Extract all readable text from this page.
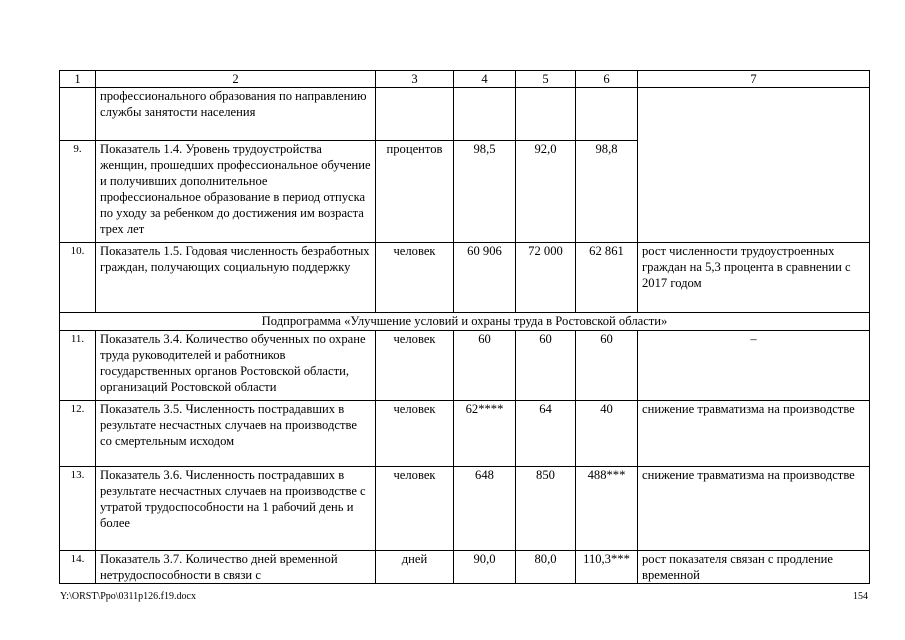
1	2	3	4	5	6	7
	профессионального образования по направлению службы занятости населения					
9.	Показатель 1.4. Уровень трудоустройства женщин, прошедших профессиональное обучение и получивших дополнительное профессиональное образование в период отпуска по уходу за ребенком до достижения им возраста трех лет	процентов	98,5	92,0	98,8	
10.	Показатель 1.5. Годовая численность безработных граждан, получающих социальную поддержку	человек	60 906	72 000	62 861	рост численности трудоустроенных граждан на 5,3 процента в сравнении с 2017 годом
Подпрограмма «Улучшение условий и охраны труда в Ростовской области»						
11.	Показатель 3.4. Количество обученных по охране труда руководителей и работников государственных органов Ростовской области, организаций Ростовской области	человек	60	60	60	–
12.	Показатель 3.5. Численность пострадавших в результате несчастных случаев на производстве со смертельным исходом	человек	62****	64	40	снижение травматизма на производстве
13.	Показатель 3.6. Численность пострадавших в результате несчастных случаев на производстве с утратой трудоспособности на 1 рабочий день и более	человек	648	850	488***	снижение травматизма на производстве
14.	Показатель 3.7. Количество дней временной нетрудоспособности в связи с	дней	90,0	80,0	110,3***	рост показателя связан с продление временной
Y:\ORST\Ppo\0311p126.f19.docx	154
